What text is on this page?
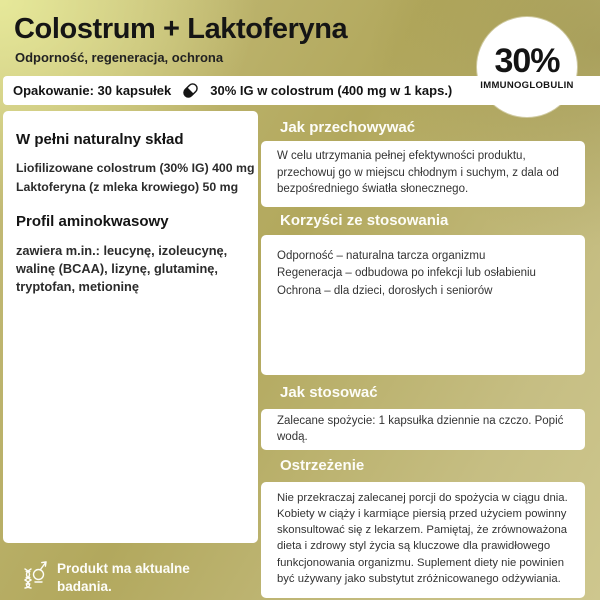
Colostrum + Laktoferyna
Odporność, regeneracja, ochrona
Opakowanie: 30 kapsułek	30% IG w colostrum (400 mg w 1 kaps.)
30%
IMMUNOGLOBULIN
W pełni naturalny skład

Liofilizowane colostrum (30% IG) 400 mg

Laktoferyna (z mleka krowiego) 50 mg

Profil aminokwasowy

zawiera m.in.: leucynę, izoleucynę, walinę (BCAA), lizynę, glutaminę, tryptofan, metioninę

Jak przechowywać
W celu utrzymania pełnej efektywności produktu, przechowuj go w miejscu chłodnym i suchym, z dala od bezpośredniego światła słonecznego.
Korzyści ze stosowania

Odporność – naturalna tarcza organizmu

Regeneracja – odbudowa po infekcji lub osłabieniu

Ochrona – dla dzieci, dorosłych i seniorów

Jak stosować
Zalecane spożycie: 1 kapsułka dziennie na czczo. Popić wodą.
Ostrzeżenie
Nie przekraczaj zalecanej porcji do spożycia w ciągu dnia. Kobiety w ciąży i karmiące piersią przed użyciem powinny skonsultować się z lekarzem. Pamiętaj, że zrównoważona dieta i zdrowy styl życia są kluczowe dla prawidłowego funkcjonowania organizmu. Suplement diety nie powinien być używany jako substytut zróżnicowanego odżywiania.
Produkt ma aktualne badania.
